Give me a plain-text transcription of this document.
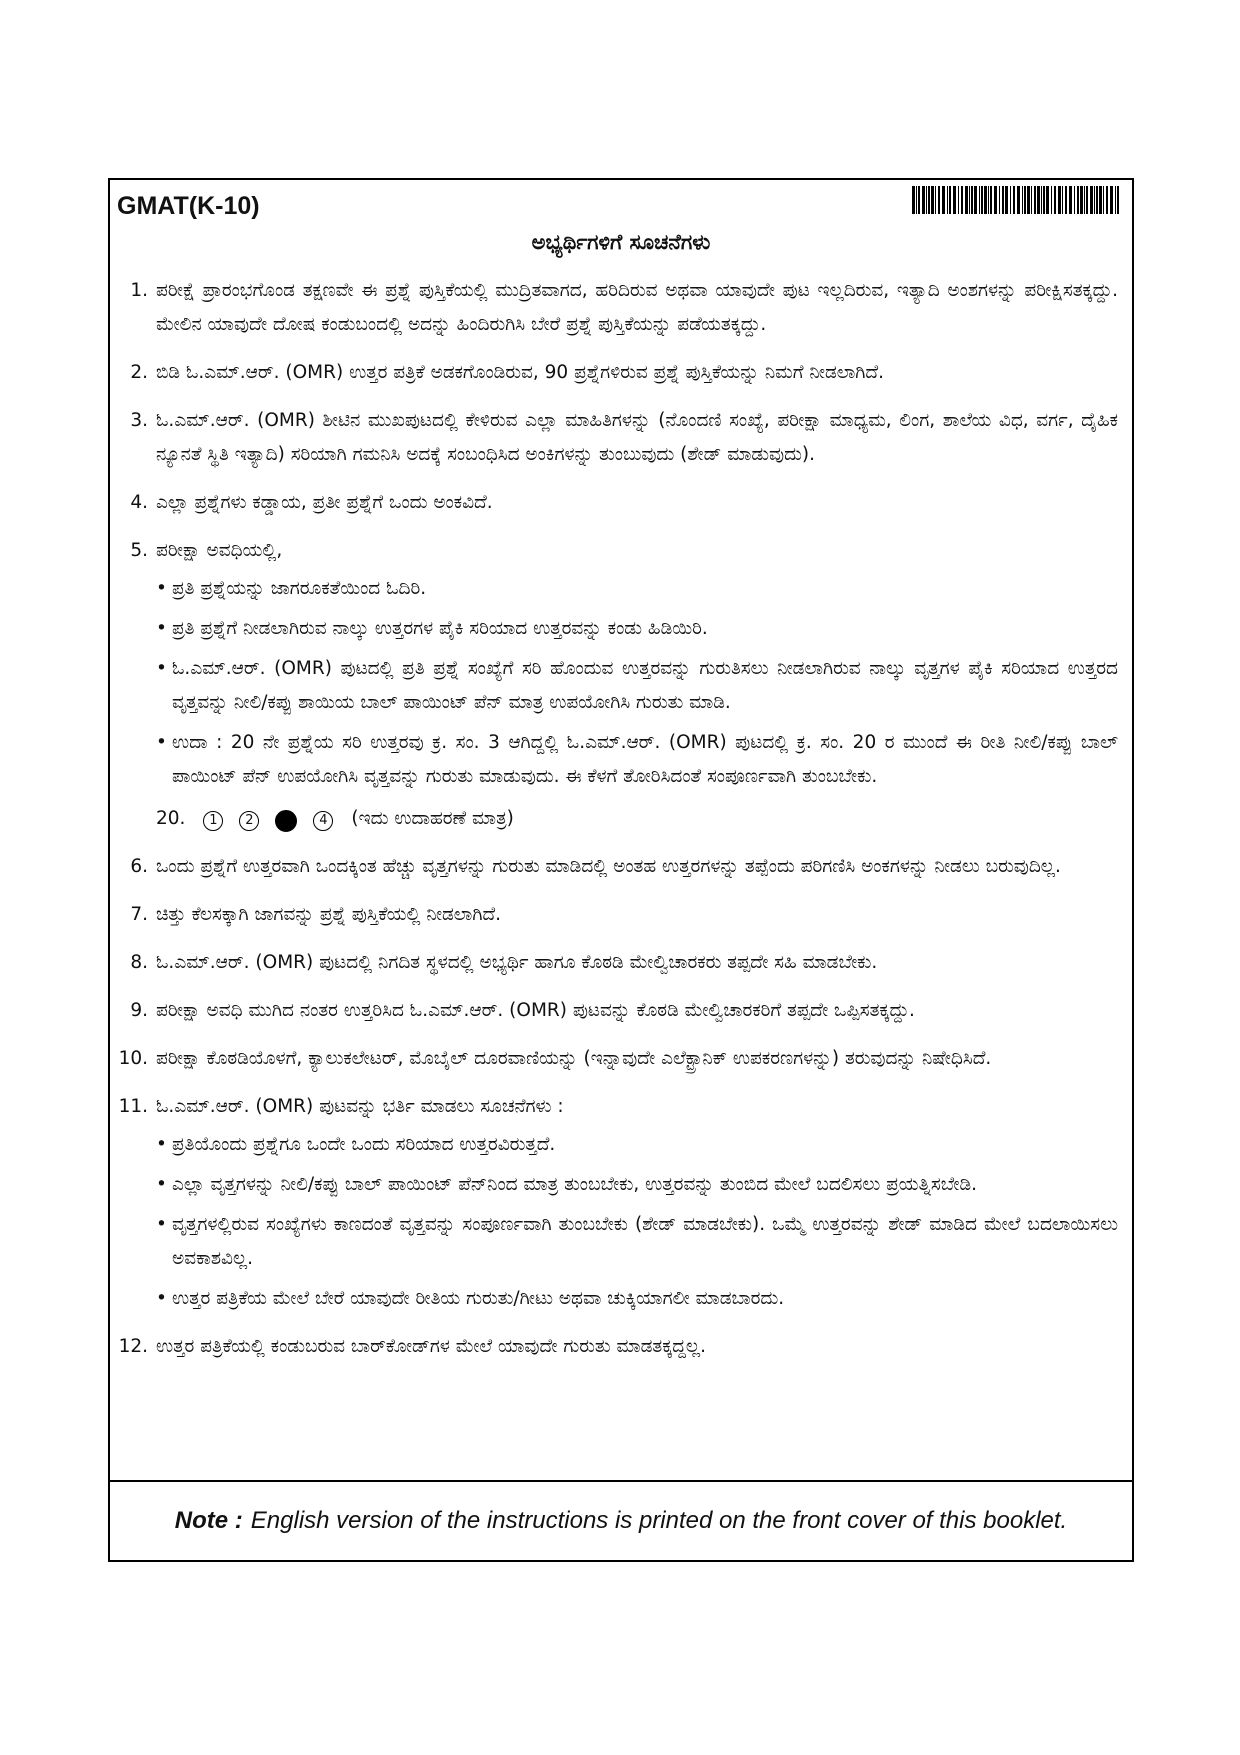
GMAT(K-10)
ಅಭ್ಯರ್ಥಿಗಳಿಗೆ ಸೂಚನೆಗಳು
1. ಪರೀಕ್ಷೆ ಪ್ರಾರಂಭಗೊಂಡ ತಕ್ಷಣವೇ ಈ ಪ್ರಶ್ನೆ ಪುಸ್ತಿಕೆಯಲ್ಲಿ ಮುದ್ರಿತವಾಗದ, ಹರಿದಿರುವ ಅಥವಾ ಯಾವುದೇ ಪುಟ ಇಲ್ಲದಿರುವ, ಇತ್ಯಾದಿ ಅಂಶಗಳನ್ನು ಪರೀಕ್ಷಿಸತಕ್ಕದ್ದು. ಮೇಲಿನ ಯಾವುದೇ ದೋಷ ಕಂಡುಬಂದಲ್ಲಿ ಅದನ್ನು ಹಿಂದಿರುಗಿಸಿ ಬೇರೆ ಪ್ರಶ್ನೆ ಪುಸ್ತಿಕೆಯನ್ನು ಪಡೆಯತಕ್ಕದ್ದು.
2. ಬಿಡಿ ಓ.ಎಮ್.ಆರ್. (OMR) ಉತ್ತರ ಪತ್ರಿಕೆ ಅಡಕಗೊಂಡಿರುವ, 90 ಪ್ರಶ್ನೆಗಳಿರುವ ಪ್ರಶ್ನೆ ಪುಸ್ತಿಕೆಯನ್ನು ನಿಮಗೆ ನೀಡಲಾಗಿದೆ.
3. ಓ.ಎಮ್.ಆರ್. (OMR) ಶೀಟಿನ ಮುಖಪುಟದಲ್ಲಿ ಕೇಳಿರುವ ಎಲ್ಲಾ ಮಾಹಿತಿಗಳನ್ನು (ನೊಂದಣಿ ಸಂಖ್ಯೆ, ಪರೀಕ್ಷಾ ಮಾಧ್ಯಮ, ಲಿಂಗ, ಶಾಲೆಯ ವಿಧ, ವರ್ಗ, ದೈಹಿಕ ನ್ಯೂನತೆ ಸ್ಥಿತಿ ಇತ್ಯಾದಿ) ಸರಿಯಾಗಿ ಗಮನಿಸಿ ಅದಕ್ಕೆ ಸಂಬಂಧಿಸಿದ ಅಂಕಿಗಳನ್ನು ತುಂಬುವುದು (ಶೇಡ್ ಮಾಡುವುದು).
4. ಎಲ್ಲಾ ಪ್ರಶ್ನೆಗಳು ಕಡ್ಡಾಯ, ಪ್ರತೀ ಪ್ರಶ್ನೆಗೆ ಒಂದು ಅಂಕವಿದೆ.
5. ಪರೀಕ್ಷಾ ಅವಧಿಯಲ್ಲಿ,
• ಪ್ರತಿ ಪ್ರಶ್ನೆಯನ್ನು ಜಾಗರೂಕತೆಯಿಂದ ಓದಿರಿ.
• ಪ್ರತಿ ಪ್ರಶ್ನೆಗೆ ನೀಡಲಾಗಿರುವ ನಾಲ್ಕು ಉತ್ತರಗಳ ಪೈಕಿ ಸರಿಯಾದ ಉತ್ತರವನ್ನು ಕಂಡು ಹಿಡಿಯಿರಿ.
• ಓ.ಎಮ್.ಆರ್. (OMR) ಪುಟದಲ್ಲಿ ಪ್ರತಿ ಪ್ರಶ್ನೆ ಸಂಖ್ಯೆಗೆ ಸರಿ ಹೊಂದುವ ಉತ್ತರವನ್ನು ಗುರುತಿಸಲು ನೀಡಲಾಗಿರುವ ನಾಲ್ಕು ವೃತ್ತಗಳ ಪೈಕಿ ಸರಿಯಾದ ಉತ್ತರದ ವೃತ್ತವನ್ನು ನೀಲಿ/ಕಪ್ಪು ಶಾಯಿಯ ಬಾಲ್ ಪಾಯಿಂಟ್ ಪೆನ್ ಮಾತ್ರ ಉಪಯೋಗಿಸಿ ಗುರುತು ಮಾಡಿ.
• ಉದಾ : 20 ನೇ ಪ್ರಶ್ನೆಯ ಸರಿ ಉತ್ತರವು ಕ್ರ. ಸಂ. 3 ಆಗಿದ್ದಲ್ಲಿ ಓ.ಎಮ್.ಆರ್. (OMR) ಪುಟದಲ್ಲಿ ಕ್ರ. ಸಂ. 20 ರ ಮುಂದೆ ಈ ರೀತಿ ನೀಲಿ/ಕಪ್ಪು ಬಾಲ್ ಪಾಯಿಂಟ್ ಪೆನ್ ಉಪಯೋಗಿಸಿ ವೃತ್ತವನ್ನು ಗುರುತು ಮಾಡುವುದು. ಈ ಕೆಳಗೆ ತೋರಿಸಿದಂತೆ ಸಂಪೂರ್ಣವಾಗಿ ತುಂಬಬೇಕು.
20.	1 2 3 4	(ಇದು ಉದಾಹರಣೆ ಮಾತ್ರ)
6. ಒಂದು ಪ್ರಶ್ನೆಗೆ ಉತ್ತರವಾಗಿ ಒಂದಕ್ಕಿಂತ ಹೆಚ್ಚು ವೃತ್ತಗಳನ್ನು ಗುರುತು ಮಾಡಿದಲ್ಲಿ ಅಂತಹ ಉತ್ತರಗಳನ್ನು ತಪ್ಪೆಂದು ಪರಿಗಣಿಸಿ ಅಂಕಗಳನ್ನು ನೀಡಲು ಬರುವುದಿಲ್ಲ.
7. ಚಿತ್ತು ಕೆಲಸಕ್ಕಾಗಿ ಜಾಗವನ್ನು ಪ್ರಶ್ನೆ ಪುಸ್ತಿಕೆಯಲ್ಲಿ ನೀಡಲಾಗಿದೆ.
8. ಓ.ಎಮ್.ಆರ್. (OMR) ಪುಟದಲ್ಲಿ ನಿಗದಿತ ಸ್ಥಳದಲ್ಲಿ ಅಭ್ಯರ್ಥಿ ಹಾಗೂ ಕೊಠಡಿ ಮೇಲ್ವಿಚಾರಕರು ತಪ್ಪದೇ ಸಹಿ ಮಾಡಬೇಕು.
9. ಪರೀಕ್ಷಾ ಅವಧಿ ಮುಗಿದ ನಂತರ ಉತ್ತರಿಸಿದ ಓ.ಎಮ್.ಆರ್. (OMR) ಪುಟವನ್ನು ಕೊಠಡಿ ಮೇಲ್ವಿಚಾರಕರಿಗೆ ತಪ್ಪದೇ ಒಪ್ಪಿಸತಕ್ಕದ್ದು.
10. ಪರೀಕ್ಷಾ ಕೊಠಡಿಯೊಳಗೆ, ಕ್ಯಾಲುಕಲೇಟರ್, ಮೊಬೈಲ್ ದೂರವಾಣಿಯನ್ನು (ಇನ್ನಾವುದೇ ಎಲೆಕ್ಟ್ರಾನಿಕ್ ಉಪಕರಣಗಳನ್ನು) ತರುವುದನ್ನು ನಿಷೇಧಿಸಿದೆ.
11. ಓ.ಎಮ್.ಆರ್. (OMR) ಪುಟವನ್ನು ಭರ್ತಿ ಮಾಡಲು ಸೂಚನೆಗಳು :
• ಪ್ರತಿಯೊಂದು ಪ್ರಶ್ನೆಗೂ ಒಂದೇ ಒಂದು ಸರಿಯಾದ ಉತ್ತರವಿರುತ್ತದೆ.
• ಎಲ್ಲಾ ವೃತ್ತಗಳನ್ನು ನೀಲಿ/ಕಪ್ಪು ಬಾಲ್ ಪಾಯಿಂಟ್ ಪೆನ್‌ನಿಂದ ಮಾತ್ರ ತುಂಬಬೇಕು, ಉತ್ತರವನ್ನು ತುಂಬಿದ ಮೇಲೆ ಬದಲಿಸಲು ಪ್ರಯತ್ನಿಸಬೇಡಿ.
• ವೃತ್ತಗಳಲ್ಲಿರುವ ಸಂಖ್ಯೆಗಳು ಕಾಣದಂತೆ ವೃತ್ತವನ್ನು ಸಂಪೂರ್ಣವಾಗಿ ತುಂಬಬೇಕು (ಶೇಡ್ ಮಾಡಬೇಕು). ಒಮ್ಮೆ ಉತ್ತರವನ್ನು ಶೇಡ್ ಮಾಡಿದ ಮೇಲೆ ಬದಲಾಯಿಸಲು ಅವಕಾಶವಿಲ್ಲ.
• ಉತ್ತರ ಪತ್ರಿಕೆಯ ಮೇಲೆ ಬೇರೆ ಯಾವುದೇ ರೀತಿಯ ಗುರುತು/ಗೀಟು ಅಥವಾ ಚುಕ್ಕಿಯಾಗಲೀ ಮಾಡಬಾರದು.
12. ಉತ್ತರ ಪತ್ರಿಕೆಯಲ್ಲಿ ಕಂಡುಬರುವ ಬಾರ್‌ಕೋಡ್‌ಗಳ ಮೇಲೆ ಯಾವುದೇ ಗುರುತು ಮಾಡತಕ್ಕದ್ದಲ್ಲ.
Note : English version of the instructions is printed on the front cover of this booklet.
